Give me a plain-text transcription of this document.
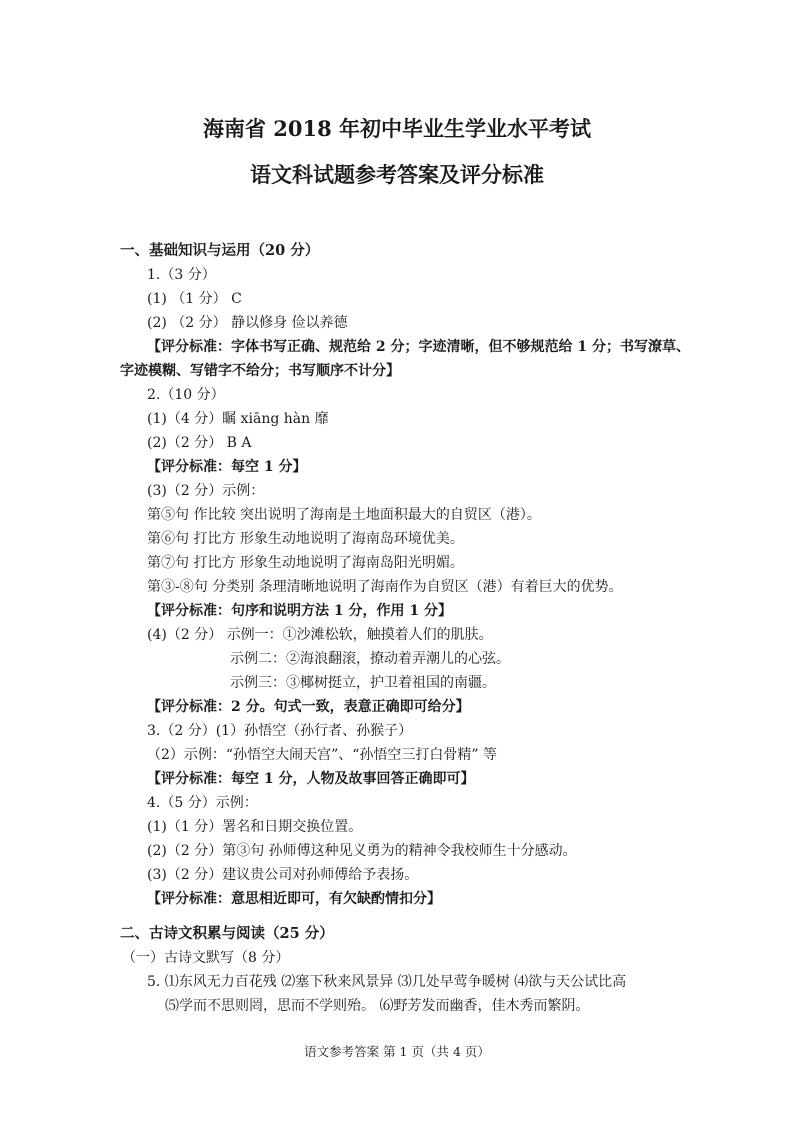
海南省 2018 年初中毕业生学业水平考试
语文科试题参考答案及评分标准
一、基础知识与运用（20 分）
1.（3 分）
(1) （1 分） C
(2) （2 分） 静以修身 俭以养德
【评分标准：字体书写正确、规范给 2 分；字迹清晰，但不够规范给 1 分；书写潦草、
字迹模糊、写错字不给分；书写顺序不计分】
2.（10 分）
(1)（4 分）瞩 xiāng hàn 靡
(2)（2 分） B A
【评分标准：每空 1 分】
(3)（2 分）示例：
第⑤句 作比较 突出说明了海南是土地面积最大的自贸区（港）。
第⑥句 打比方 形象生动地说明了海南岛环境优美。
第⑦句 打比方 形象生动地说明了海南岛阳光明媚。
第③-⑧句 分类别 条理清晰地说明了海南作为自贸区（港）有着巨大的优势。
【评分标准：句序和说明方法 1 分，作用 1 分】
(4)（2 分） 示例一：①沙滩松软，触摸着人们的肌肤。
示例二：②海浪翻滚，撩动着弄潮儿的心弦。
示例三：③椰树挺立，护卫着祖国的南疆。
【评分标准：2 分。句式一致，表意正确即可给分】
3.（2 分）(1）孙悟空（孙行者、孙猴子）
（2）示例：“孙悟空大闹天宫”、“孙悟空三打白骨精” 等
【评分标准：每空 1 分，人物及故事回答正确即可】
4.（5 分）示例：
(1)（1 分）署名和日期交换位置。
(2)（2 分）第③句 孙师傅这种见义勇为的精神令我校师生十分感动。
(3)（2 分）建议贵公司对孙师傅给予表扬。
【评分标准：意思相近即可，有欠缺酌情扣分】
二、古诗文积累与阅读（25 分）
（一）古诗文默写（8 分）
5. ⑴东风无力百花残 ⑵塞下秋来风景异 ⑶几处早莺争暖树 ⑷欲与天公试比高
⑸学而不思则罔，思而不学则殆。 ⑹野芳发而幽香，佳木秀而繁阴。
语文参考答案 第 1 页（共 4 页）
